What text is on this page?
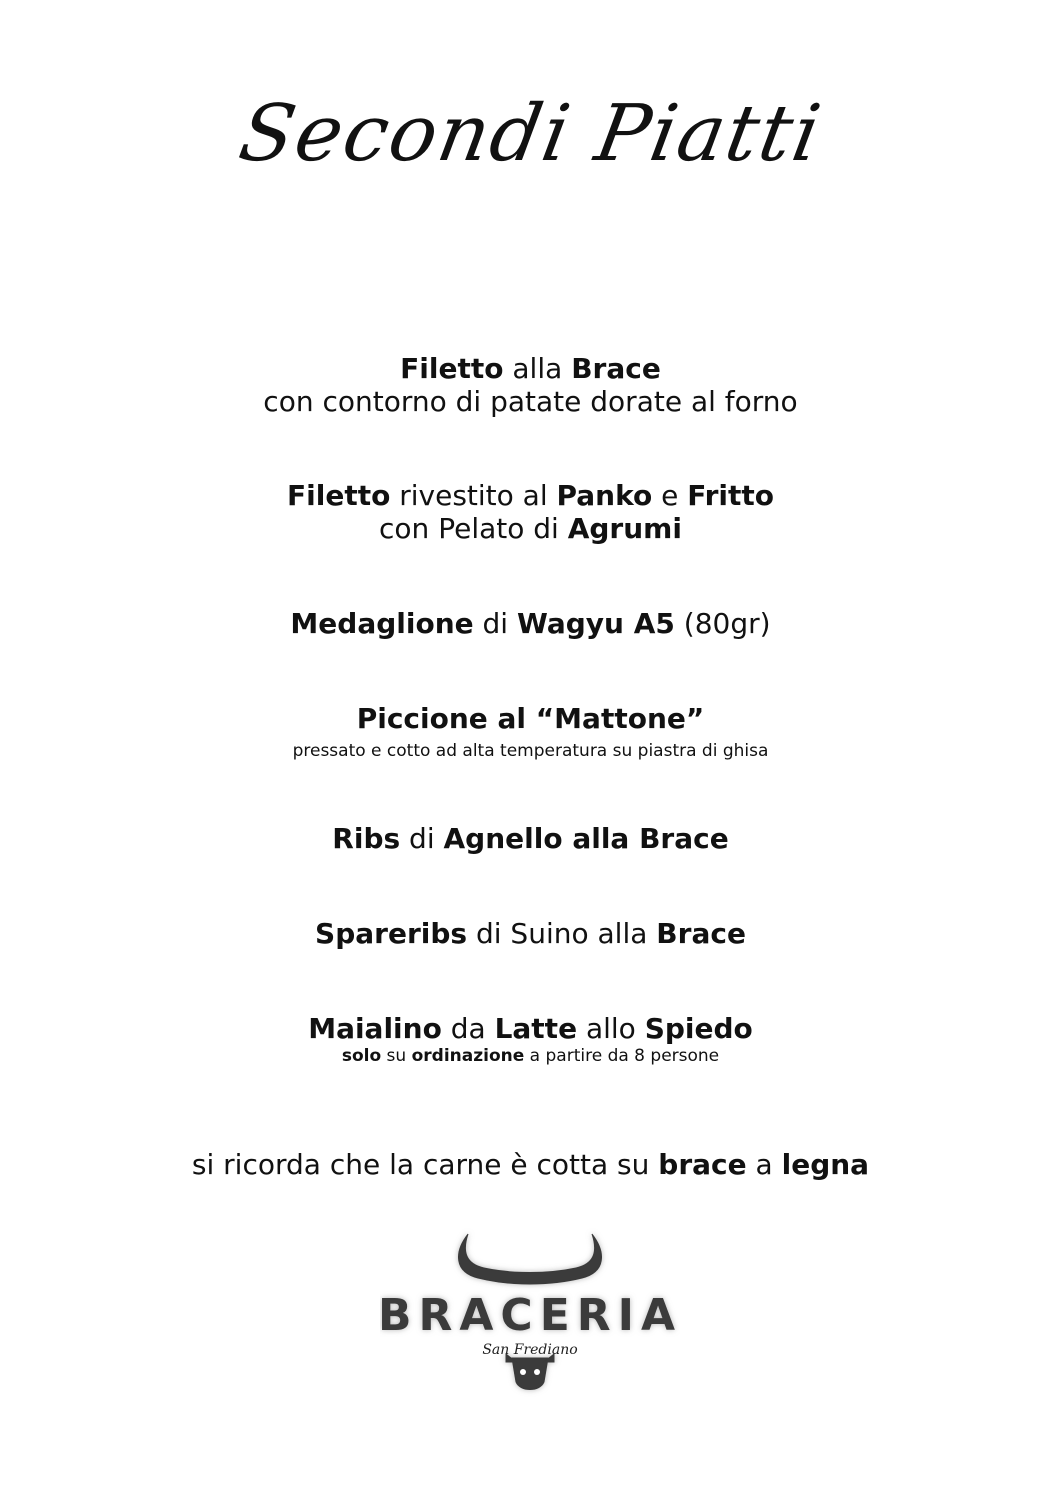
Secondi Piatti
Filetto alla Brace
con contorno di patate dorate al forno
Filetto rivestito al Panko e Fritto
con Pelato di Agrumi
Medaglione di Wagyu A5 (80gr)
Piccione al “Mattone”
pressato e cotto ad alta temperatura su piastra di ghisa
Ribs di Agnello alla Brace
Spareribs di Suino alla Brace
Maialino da Latte allo Spiedo
solo su ordinazione a partire da 8 persone
si ricorda che la carne è cotta su brace a legna
BRACERIA
San Frediano
